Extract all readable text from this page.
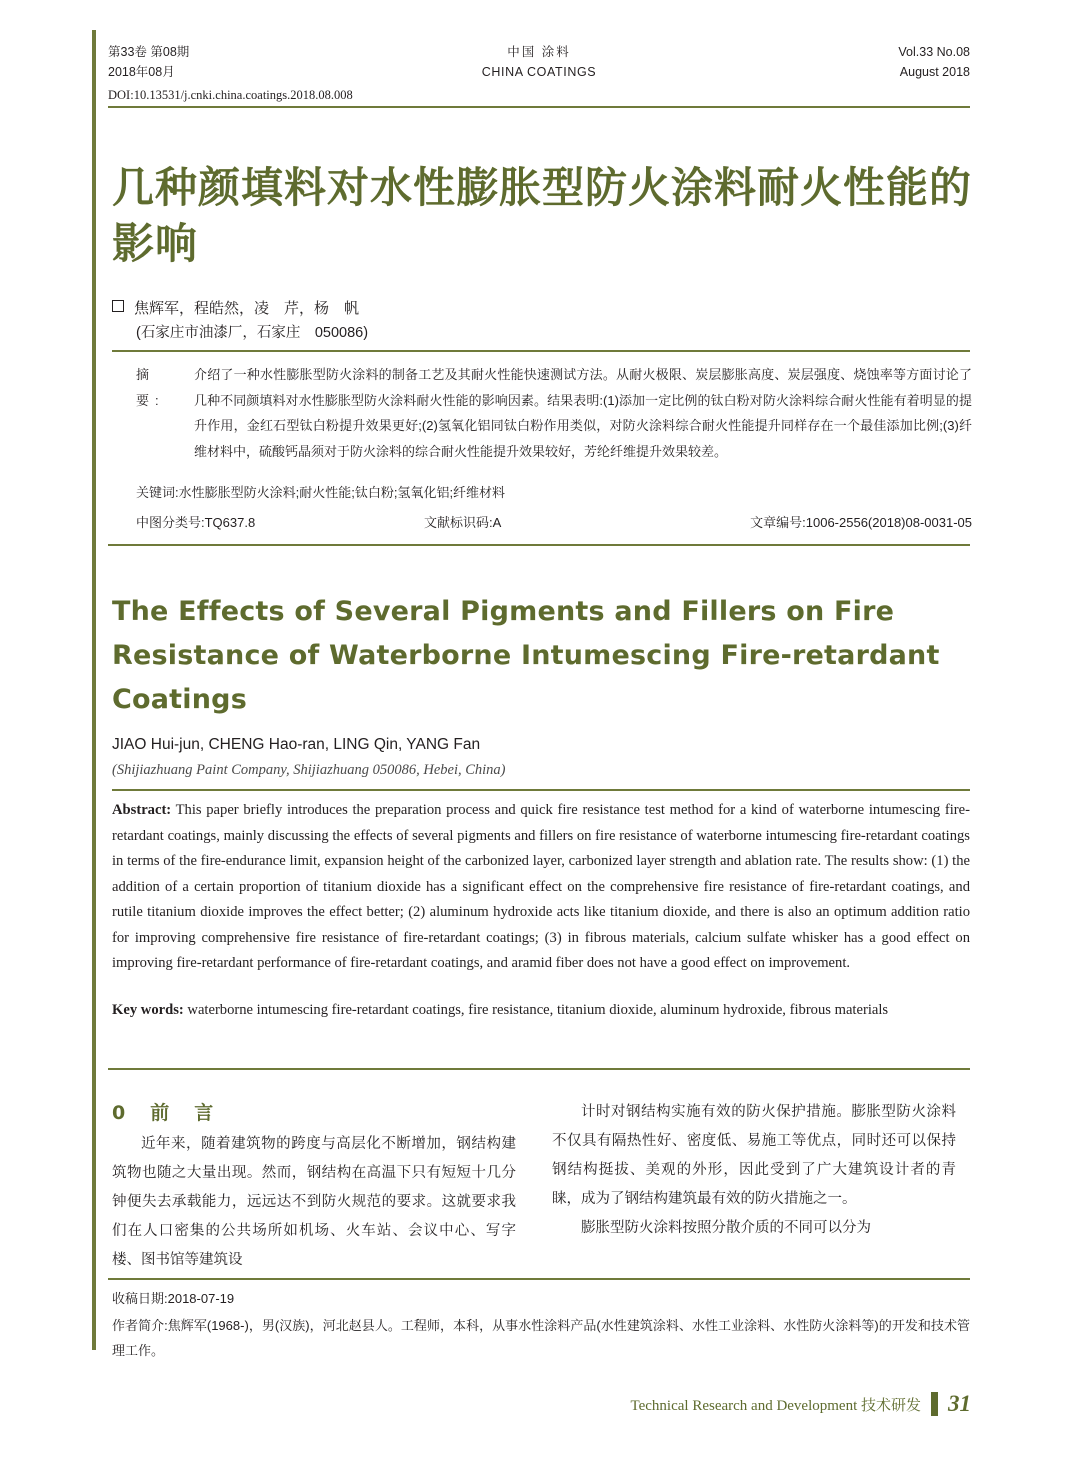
第33卷 第08期
2018年08月
中国 涂料
CHINA COATINGS
Vol.33 No.08
August 2018
DOI:10.13531/j.cnki.china.coatings.2018.08.008
几种颜填料对水性膨胀型防火涂料耐火性能的影响
焦辉军，程皓然，凌　芹，杨　帆
(石家庄市油漆厂，石家庄　050086)
摘　要:
介绍了一种水性膨胀型防火涂料的制备工艺及其耐火性能快速测试方法。从耐火极限、炭层膨胀高度、炭层强度、烧蚀率等方面讨论了几种不同颜填料对水性膨胀型防火涂料耐火性能的影响因素。结果表明:(1)添加一定比例的钛白粉对防火涂料综合耐火性能有着明显的提升作用，金红石型钛白粉提升效果更好;(2)氢氧化铝同钛白粉作用类似，对防火涂料综合耐火性能提升同样存在一个最佳添加比例;(3)纤维材料中，硫酸钙晶须对于防火涂料的综合耐火性能提升效果较好，芳纶纤维提升效果较差。
关键词:水性膨胀型防火涂料;耐火性能;钛白粉;氢氧化铝;纤维材料
中图分类号:TQ637.8	文献标识码:A	文章编号:1006-2556(2018)08-0031-05
The Effects of Several Pigments and Fillers on Fire Resistance of Waterborne Intumescing Fire-retardant Coatings
JIAO Hui-jun, CHENG Hao-ran, LING Qin, YANG Fan
(Shijiazhuang Paint Company, Shijiazhuang 050086, Hebei, China)
Abstract: This paper briefly introduces the preparation process and quick fire resistance test method for a kind of waterborne intumescing fire-retardant coatings, mainly discussing the effects of several pigments and fillers on fire resistance of waterborne intumescing fire-retardant coatings in terms of the fire-endurance limit, expansion height of the carbonized layer, carbonized layer strength and ablation rate. The results show: (1) the addition of a certain proportion of titanium dioxide has a significant effect on the comprehensive fire resistance of fire-retardant coatings, and rutile titanium dioxide improves the effect better; (2) aluminum hydroxide acts like titanium dioxide, and there is also an optimum addition ratio for improving comprehensive fire resistance of fire-retardant coatings; (3) in fibrous materials, calcium sulfate whisker has a good effect on improving fire-retardant performance of fire-retardant coatings, and aramid fiber does not have a good effect on improvement.
Key words: waterborne intumescing fire-retardant coatings, fire resistance, titanium dioxide, aluminum hydroxide, fibrous materials
0　前　言

近年来，随着建筑物的跨度与高层化不断增加，钢结构建筑物也随之大量出现。然而，钢结构在高温下只有短短十几分钟便失去承载能力，远远达不到防火规范的要求。这就要求我们在人口密集的公共场所如机场、火车站、会议中心、写字楼、图书馆等建筑设

计时对钢结构实施有效的防火保护措施。膨胀型防火涂料不仅具有隔热性好、密度低、易施工等优点，同时还可以保持钢结构挺拔、美观的外形，因此受到了广大建筑设计者的青睐，成为了钢结构建筑最有效的防火措施之一。

膨胀型防火涂料按照分散介质的不同可以分为

收稿日期:2018-07-19
作者简介:焦辉军(1968-)，男(汉族)，河北赵县人。工程师，本科，从事水性涂料产品(水性建筑涂料、水性工业涂料、水性防火涂料等)的开发和技术管理工作。
Technical Research and Development 技术研发 31
